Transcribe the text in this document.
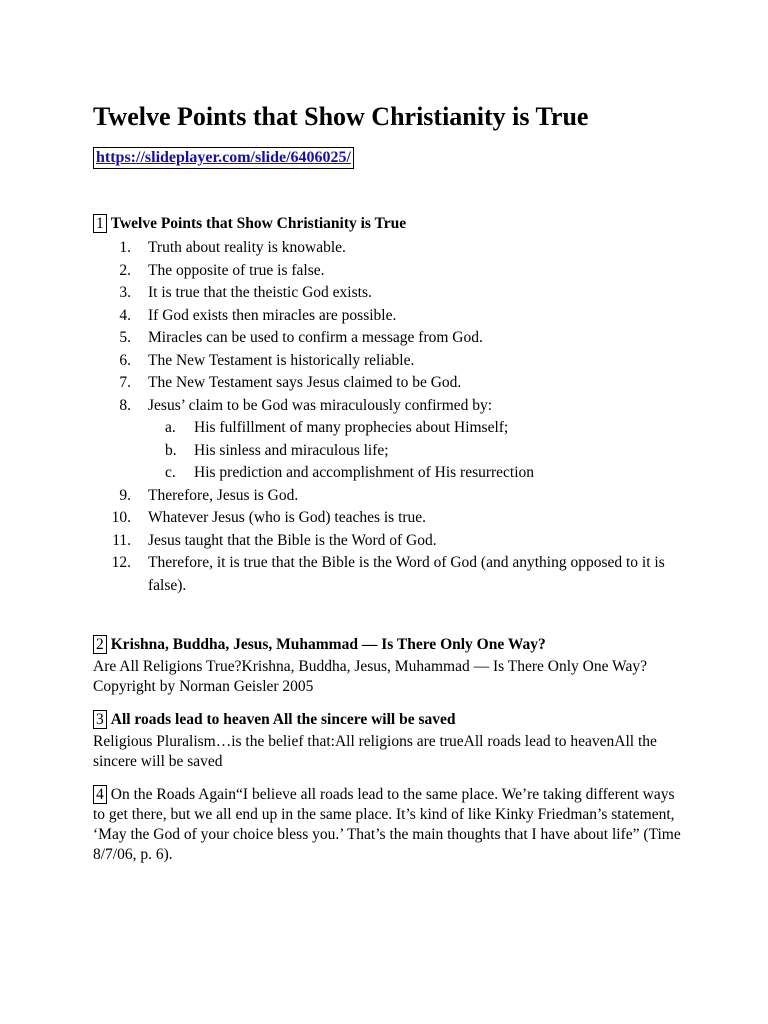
Twelve Points that Show Christianity is True
https://slideplayer.com/slide/6406025/
1 Twelve Points that Show Christianity is True
1. Truth about reality is knowable.
2. The opposite of true is false.
3. It is true that the theistic God exists.
4. If God exists then miracles are possible.
5. Miracles can be used to confirm a message from God.
6. The New Testament is historically reliable.
7. The New Testament says Jesus claimed to be God.
8. Jesus’ claim to be God was miraculously confirmed by:
a.	His fulfillment of many prophecies about Himself;
b. His sinless and miraculous life;
c.	His prediction and accomplishment of His resurrection
9. Therefore, Jesus is God.
10. Whatever Jesus (who is God) teaches is true.
11. Jesus taught that the Bible is the Word of God.
12. Therefore, it is true that the Bible is the Word of God (and anything opposed to it is false).
2 Krishna, Buddha, Jesus, Muhammad — Is There Only One Way?
Are All Religions True?Krishna, Buddha, Jesus, Muhammad — Is There Only One Way?Copyright by Norman Geisler 2005
3 All roads lead to heaven All the sincere will be saved
Religious Pluralism…is the belief that:All religions are trueAll roads lead to heavenAll the sincere will be saved
4 On the Roads Again“I believe all roads lead to the same place. We’re taking different ways to get there, but we all end up in the same place. It’s kind of like Kinky Friedman’s statement, ‘May the God of your choice bless you.’ That’s the main thoughts that I have about life” (Time 8/7/06, p. 6).
